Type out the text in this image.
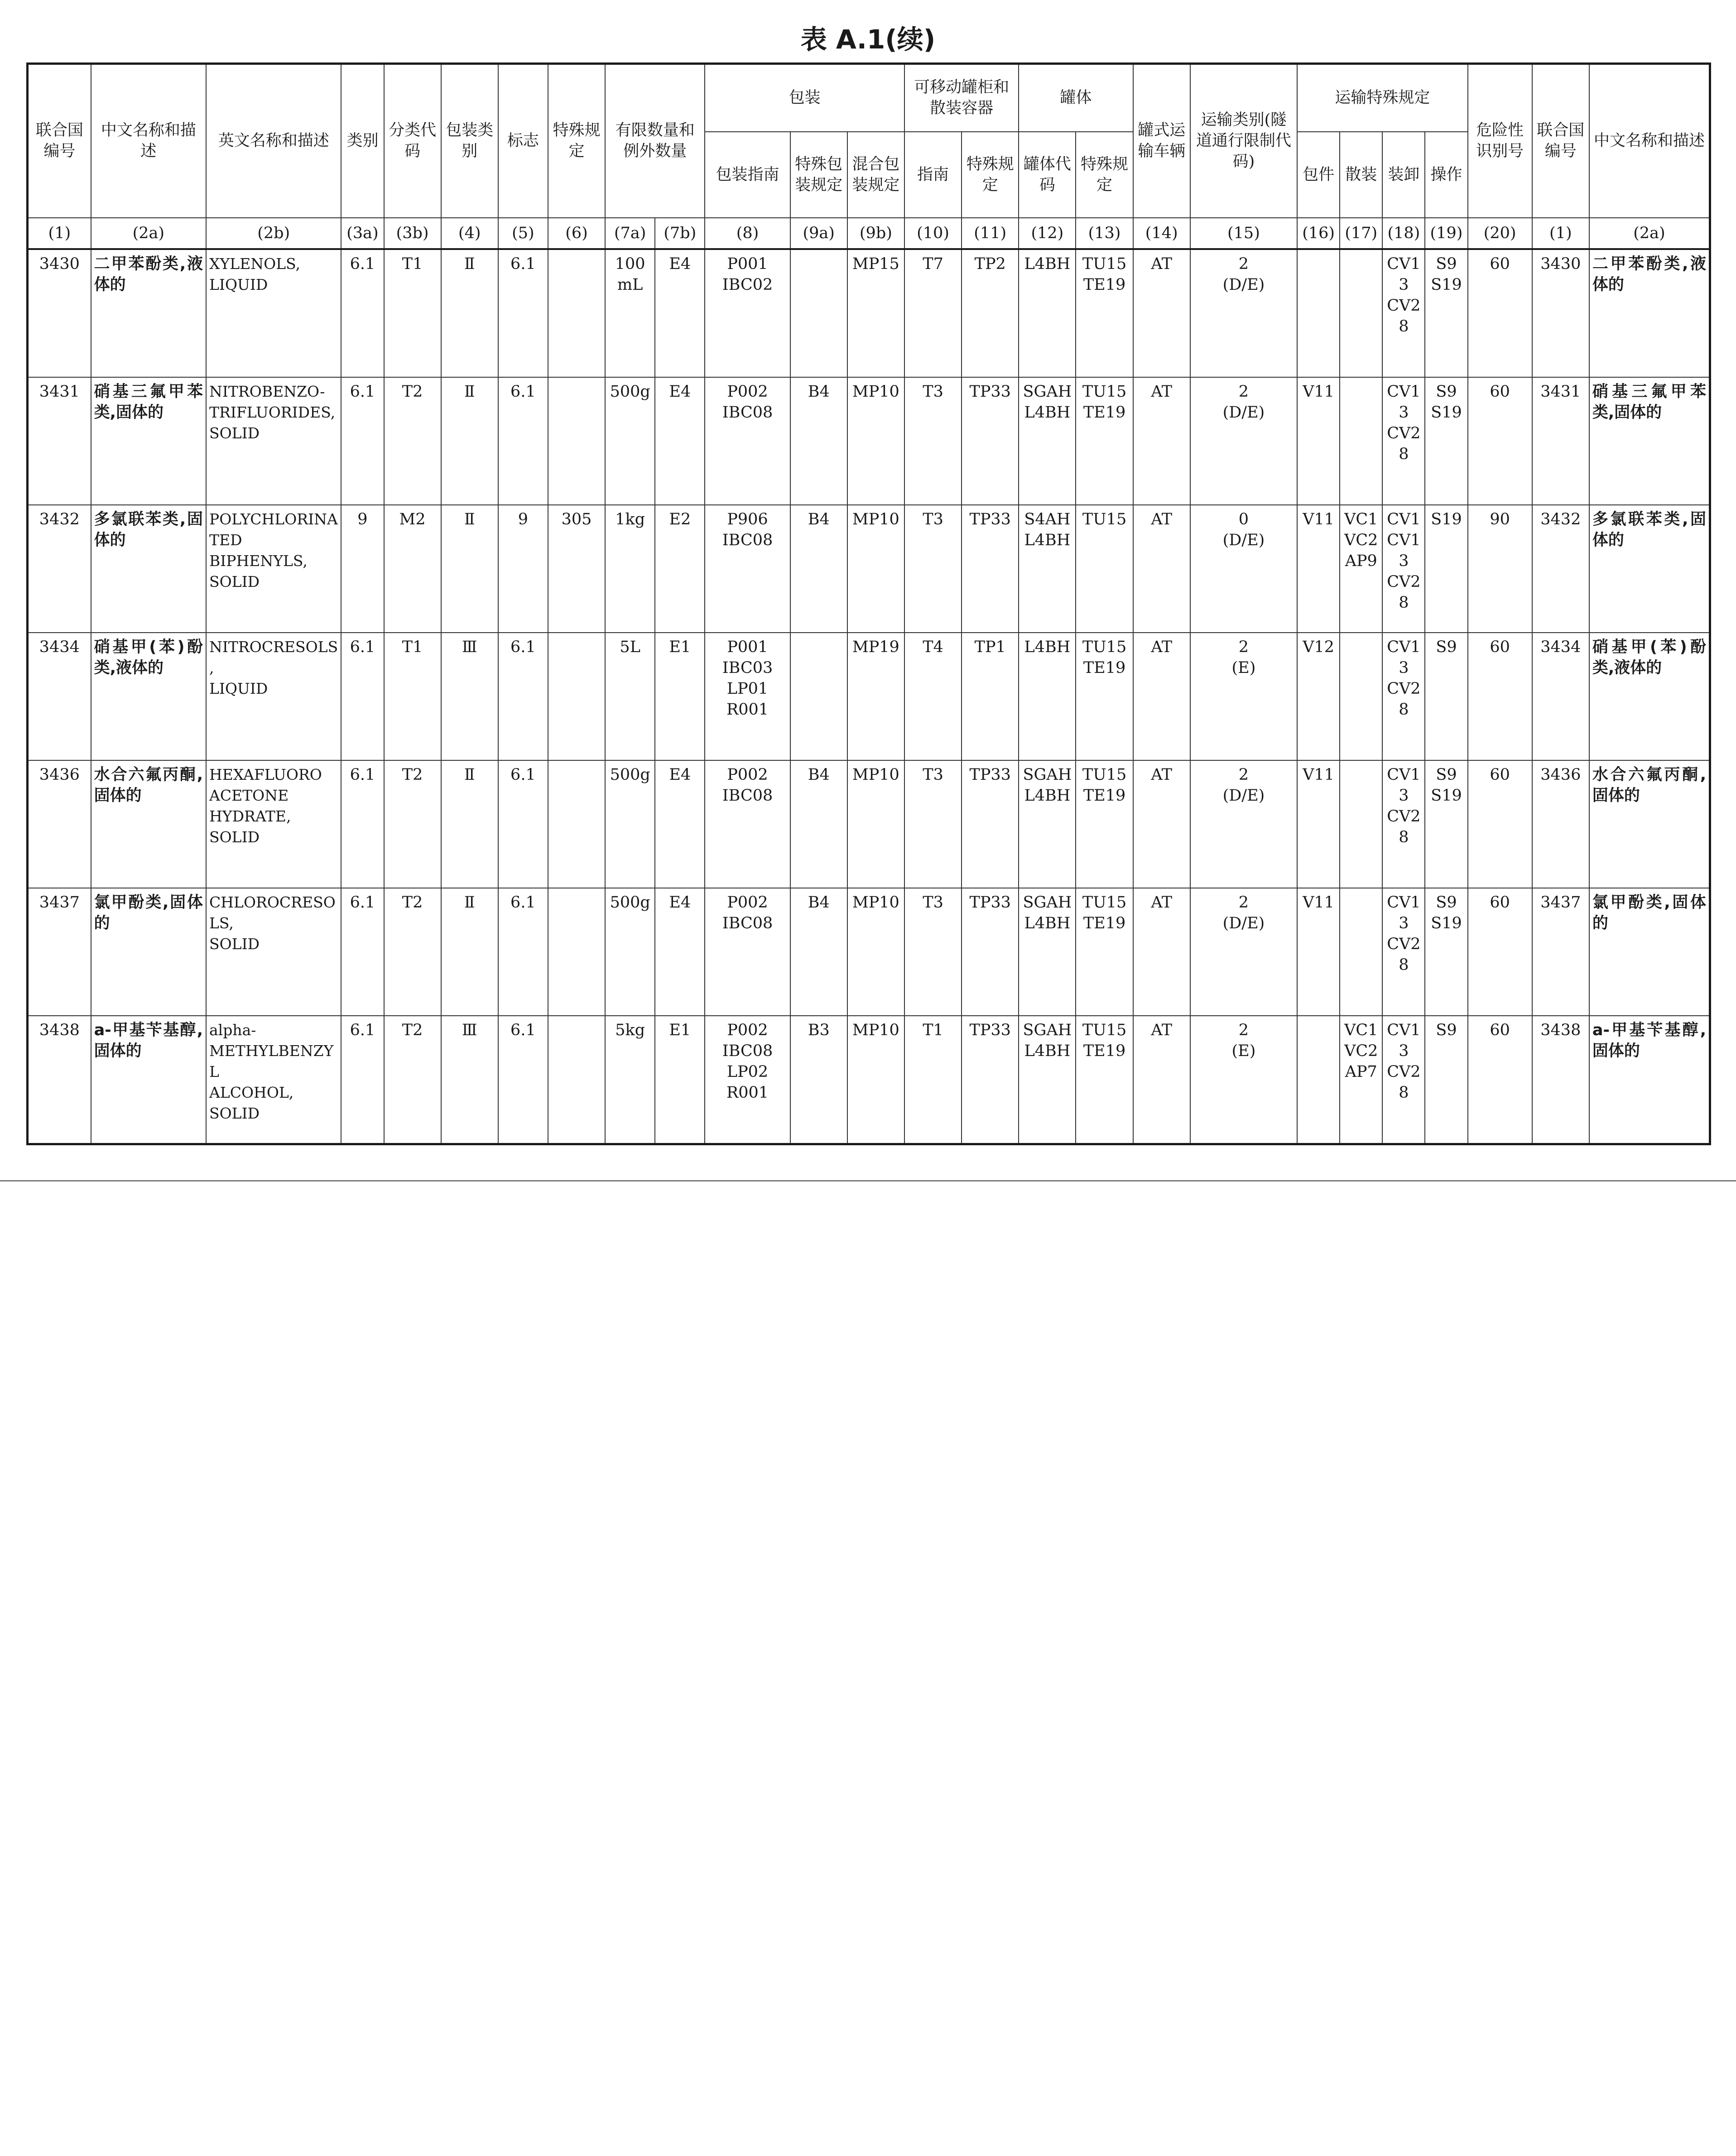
表 A.1(续)
联合国编号	中文名称和描述	英文名称和描述	类别	分类代码	包装类别	标志	特殊规定	有限数量和例外数量		包装			可移动罐柜和散装容器		罐体		罐式运输车辆	运输类别(隧道通行限制代码)	运输特殊规定				危险性识别号	联合国编号	中文名称和描述
										包装指南	特殊包装规定	混合包装规定	指南	特殊规定	罐体代码	特殊规定			包件	散装	装卸	操作			
(1)	(2a)	(2b)	(3a)	(3b)	(4)	(5)	(6)	(7a)	(7b)	(8)	(9a)	(9b)	(10)	(11)	(12)	(13)	(14)	(15)	(16)	(17)	(18)	(19)	(20)	(1)	(2a)
3430	二甲苯酚类,液体的	XYLENOLS,
LIQUID	6.1	T1	Ⅱ	6.1		100mL	E4	P001
IBC02		MP15	T7	TP2	L4BH	TU15
TE19	AT	2
(D/E)			CV13
CV28	S9
S19	60	3430	二甲苯酚类,液体的
3431	硝基三氟甲苯类,固体的	NITROBENZO-
TRIFLUORIDES,
SOLID	6.1	T2	Ⅱ	6.1		500g	E4	P002
IBC08	B4	MP10	T3	TP33	SGAH
L4BH	TU15
TE19	AT	2
(D/E)	V11		CV13
CV28	S9
S19	60	3431	硝基三氟甲苯类,固体的
3432	多氯联苯类,固体的	POLYCHLORINA
TED
BIPHENYLS,
SOLID	9	M2	Ⅱ	9	305	1kg	E2	P906
IBC08	B4	MP10	T3	TP33	S4AH
L4BH	TU15	AT	0
(D/E)	V11	VC1
VC2
AP9	CV1
CV13
CV28	S19	90	3432	多氯联苯类,固体的
3434	硝基甲(苯)酚类,液体的	NITROCRESOLS,
LIQUID	6.1	T1	Ⅲ	6.1		5L	E1	P001
IBC03
LP01
R001		MP19	T4	TP1	L4BH	TU15
TE19	AT	2
(E)	V12		CV13
CV28	S9	60	3434	硝基甲(苯)酚类,液体的
3436	水合六氟丙酮,固体的	HEXAFLUORO
ACETONE
HYDRATE,
SOLID	6.1	T2	Ⅱ	6.1		500g	E4	P002
IBC08	B4	MP10	T3	TP33	SGAH
L4BH	TU15
TE19	AT	2
(D/E)	V11		CV13
CV28	S9
S19	60	3436	水合六氟丙酮,固体的
3437	氯甲酚类,固体的	CHLOROCRESOLS,
SOLID	6.1	T2	Ⅱ	6.1		500g	E4	P002
IBC08	B4	MP10	T3	TP33	SGAH
L4BH	TU15
TE19	AT	2
(D/E)	V11		CV13
CV28	S9
S19	60	3437	氯甲酚类,固体的
3438	a-甲基苄基醇,固体的	alpha-
METHYLBENZYL
ALCOHOL,
SOLID	6.1	T2	Ⅲ	6.1		5kg	E1	P002
IBC08
LP02
R001	B3	MP10	T1	TP33	SGAH
L4BH	TU15
TE19	AT	2
(E)		VC1
VC2
AP7	CV13
CV28	S9	60	3438	a-甲基苄基醇,固体的
